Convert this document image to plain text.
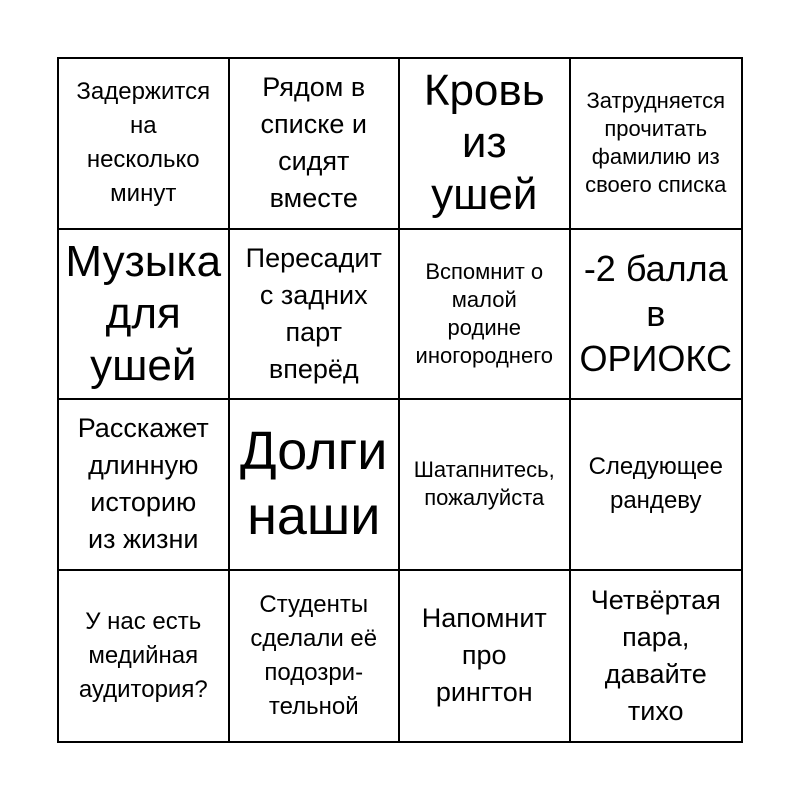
Задержится
на
несколько
минут
Рядом в
списке и
сидят
вместе
Кровь
из
ушей
Затрудняется
прочитать
фамилию из
своего списка
Музыка
для
ушей
Пересадит
с задних
парт
вперёд
Вспомнит о
малой
родине
иногороднего
-2 балла
в
ОРИОКС
Расскажет
длинную
историю
из жизни
Долги
наши
Шатапнитесь,
пожалуйста
Следующее
рандеву
У нас есть
медийная
аудитория?
Студенты
сделали её
подозри-
тельной
Напомнит
про
рингтон
Четвёртая
пара,
давайте
тихо
